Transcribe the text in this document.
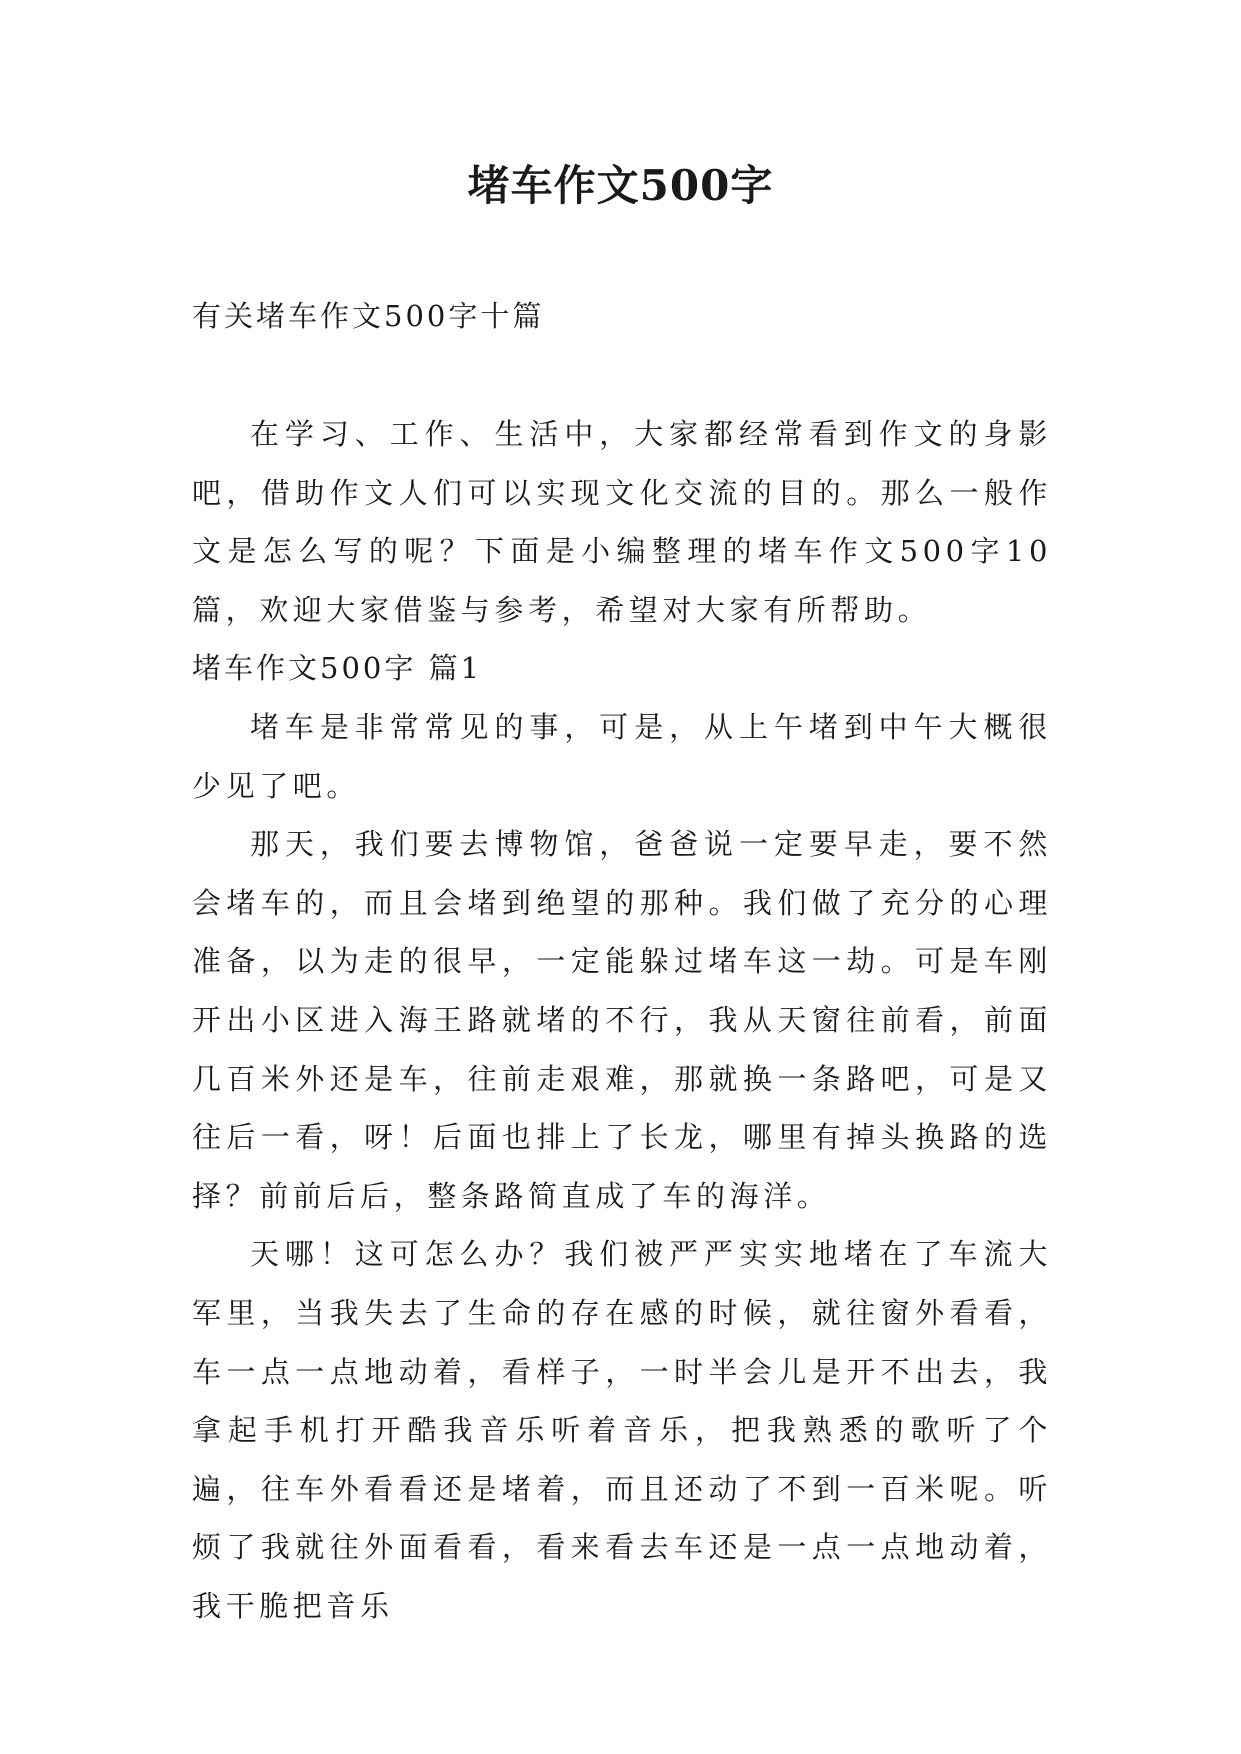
堵车作文500字
有关堵车作文500字十篇

在学习、工作、生活中，大家都经常看到作文的身影吧，借助作文人们可以实现文化交流的目的。那么一般作文是怎么写的呢？下面是小编整理的堵车作文500字10篇，欢迎大家借鉴与参考，希望对大家有所帮助。

堵车作文500字 篇1

堵车是非常常见的事，可是，从上午堵到中午大概很少见了吧。

那天，我们要去博物馆，爸爸说一定要早走，要不然会堵车的，而且会堵到绝望的那种。我们做了充分的心理准备，以为走的很早，一定能躲过堵车这一劫。可是车刚开出小区进入海王路就堵的不行，我从天窗往前看，前面几百米外还是车，往前走艰难，那就换一条路吧，可是又往后一看，呀！后面也排上了长龙，哪里有掉头换路的选择？前前后后，整条路简直成了车的海洋。

天哪！这可怎么办？我们被严严实实地堵在了车流大军里，当我失去了生命的存在感的时候，就往窗外看看，车一点一点地动着，看样子，一时半会儿是开不出去，我拿起手机打开酷我音乐听着音乐，把我熟悉的歌听了个遍，往车外看看还是堵着，而且还动了不到一百米呢。听烦了我就往外面看看，看来看去车还是一点一点地动着，我干脆把音乐
